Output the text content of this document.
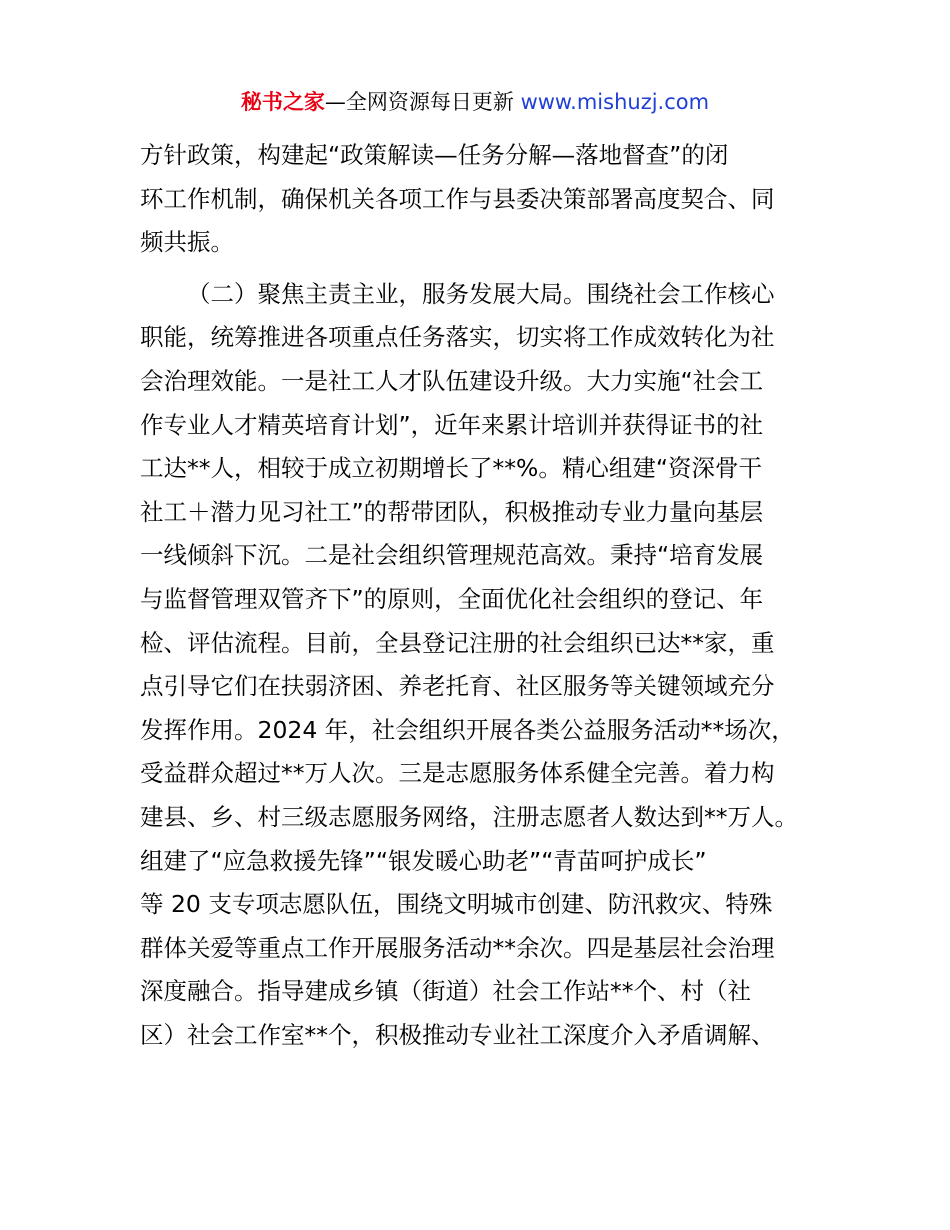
秘书之家—全网资源每日更新 www.mishuzj.com
方针政策，构建起“政策解读—任务分解—落地督查”的闭
环工作机制，确保机关各项工作与县委决策部署高度契合、同
频共振。
（二）聚焦主责主业，服务发展大局。围绕社会工作核心
职能，统筹推进各项重点任务落实，切实将工作成效转化为社
会治理效能。一是社工人才队伍建设升级。大力实施“社会工
作专业人才精英培育计划”，近年来累计培训并获得证书的社
工达**人，相较于成立初期增长了**%。精心组建“资深骨干
社工＋潜力见习社工”的帮带团队，积极推动专业力量向基层
一线倾斜下沉。二是社会组织管理规范高效。秉持“培育发展
与监督管理双管齐下”的原则，全面优化社会组织的登记、年
检、评估流程。目前，全县登记注册的社会组织已达**家，重
点引导它们在扶弱济困、养老托育、社区服务等关键领域充分
发挥作用。2024 年，社会组织开展各类公益服务活动**场次，
受益群众超过**万人次。三是志愿服务体系健全完善。着力构
建县、乡、村三级志愿服务网络，注册志愿者人数达到**万人。
组建了“应急救援先锋”“银发暖心助老”“青苗呵护成长”
等 20 支专项志愿队伍，围绕文明城市创建、防汛救灾、特殊
群体关爱等重点工作开展服务活动**余次。四是基层社会治理
深度融合。指导建成乡镇（街道）社会工作站**个、村（社
区）社会工作室**个，积极推动专业社工深度介入矛盾调解、
